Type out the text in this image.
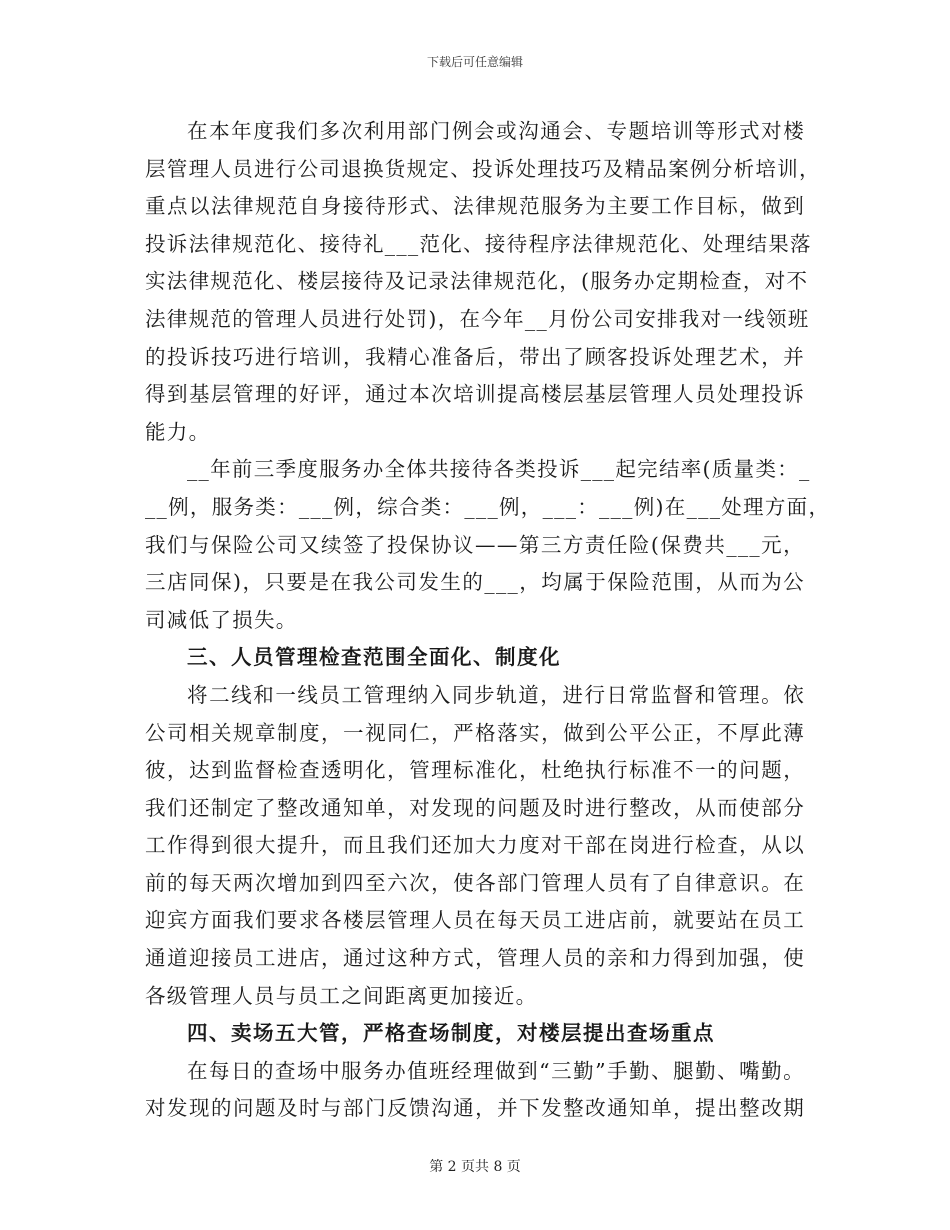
下载后可任意编辑
在本年度我们多次利用部门例会或沟通会、专题培训等形式对楼
层管理人员进行公司退换货规定、投诉处理技巧及精品案例分析培训，
重点以法律规范自身接待形式、法律规范服务为主要工作目标，做到
投诉法律规范化、接待礼___范化、接待程序法律规范化、处理结果落
实法律规范化、楼层接待及记录法律规范化，(服务办定期检查，对不
法律规范的管理人员进行处罚)，在今年__月份公司安排我对一线领班
的投诉技巧进行培训，我精心准备后，带出了顾客投诉处理艺术，并
得到基层管理的好评，通过本次培训提高楼层基层管理人员处理投诉
能力。
__年前三季度服务办全体共接待各类投诉___起完结率(质量类：_
__例，服务类：___例，综合类：___例，___：___例)在___处理方面，
我们与保险公司又续签了投保协议——第三方责任险(保费共___元，
三店同保)，只要是在我公司发生的___，均属于保险范围，从而为公
司减低了损失。
三、人员管理检查范围全面化、制度化
将二线和一线员工管理纳入同步轨道，进行日常监督和管理。依
公司相关规章制度，一视同仁，严格落实，做到公平公正，不厚此薄
彼，达到监督检查透明化，管理标准化，杜绝执行标准不一的问题，
我们还制定了整改通知单，对发现的问题及时进行整改，从而使部分
工作得到很大提升，而且我们还加大力度对干部在岗进行检查，从以
前的每天两次增加到四至六次，使各部门管理人员有了自律意识。在
迎宾方面我们要求各楼层管理人员在每天员工进店前，就要站在员工
通道迎接员工进店，通过这种方式，管理人员的亲和力得到加强，使
各级管理人员与员工之间距离更加接近。
四、卖场五大管，严格查场制度，对楼层提出查场重点
在每日的查场中服务办值班经理做到“三勤”手勤、腿勤、嘴勤。
对发现的问题及时与部门反馈沟通，并下发整改通知单，提出整改期
第 2 页共 8 页
